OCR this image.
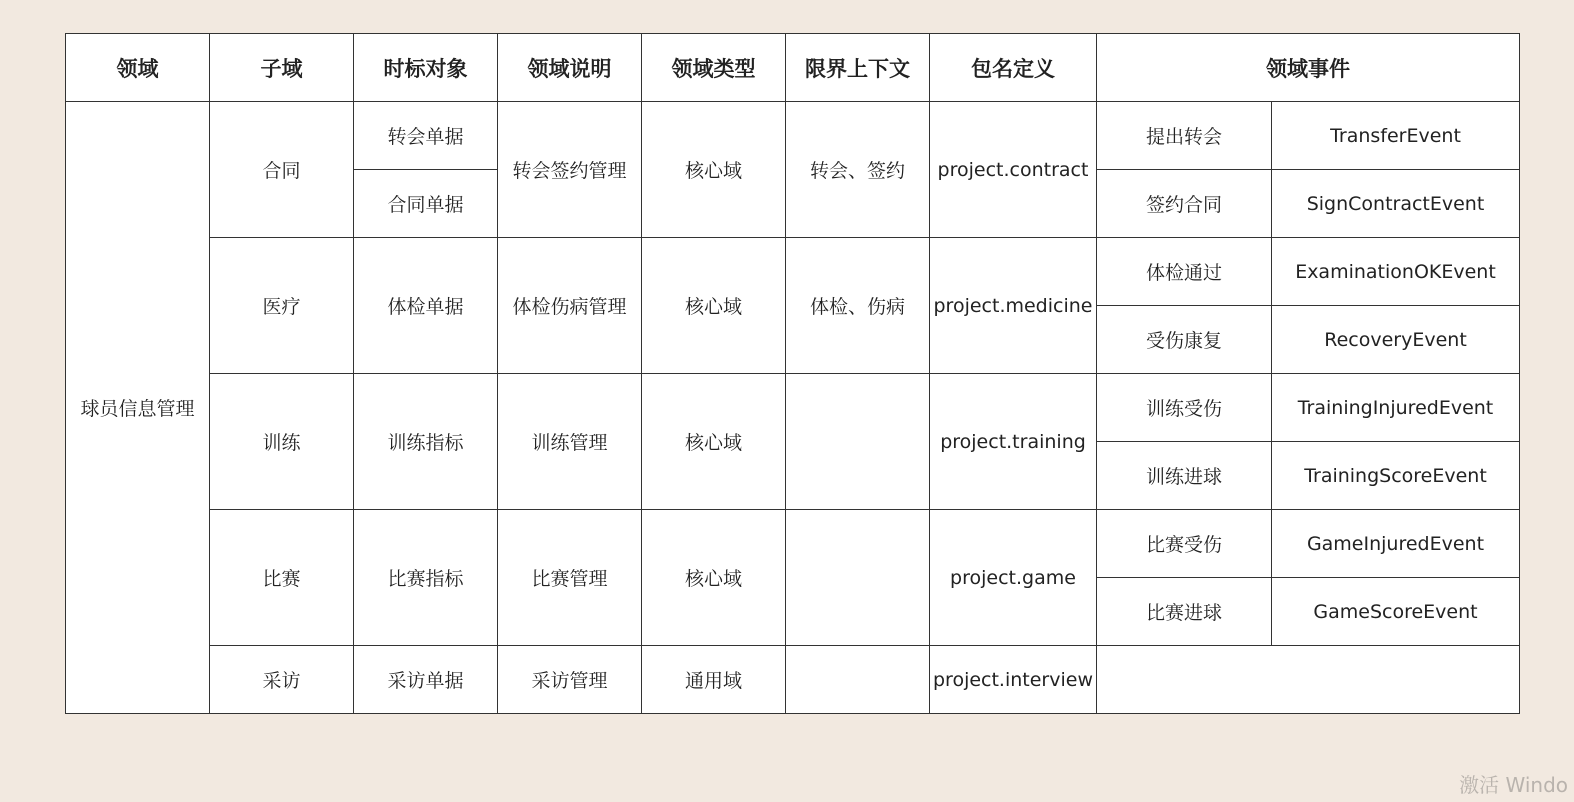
领域	子域	时标对象	领域说明	领域类型	限界上下文	包名定义	领域事件	
球员信息管理	合同	转会单据	转会签约管理	核心域	转会、签约	project.contract	提出转会	TransferEvent
		合同单据					签约合同	SignContractEvent
	医疗	体检单据	体检伤病管理	核心域	体检、伤病	project.medicine	体检通过	ExaminationOKEvent
							受伤康复	RecoveryEvent
	训练	训练指标	训练管理	核心域		project.training	训练受伤	TrainingInjuredEvent
							训练进球	TrainingScoreEvent
	比赛	比赛指标	比赛管理	核心域		project.game	比赛受伤	GameInjuredEvent
							比赛进球	GameScoreEvent
	采访	采访单据	采访管理	通用域		project.interview		

激活 Windo
